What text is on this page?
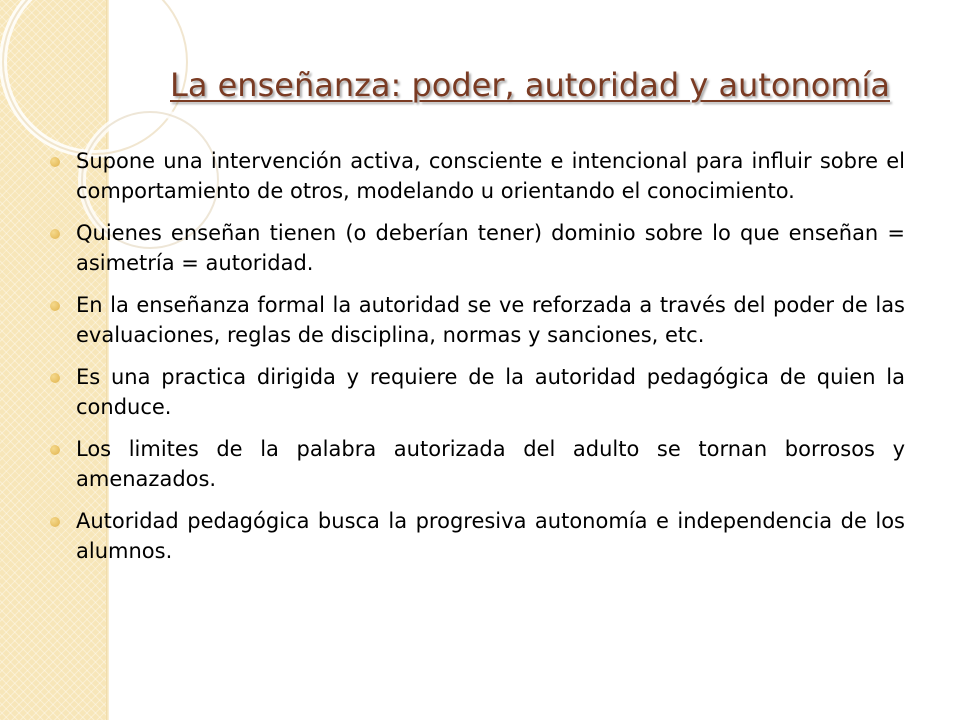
La enseñanza: poder, autoridad y autonomía
Supone una intervención activa, consciente e intencional para influir sobre el comportamiento de otros, modelando u orientando el conocimiento.
Quienes enseñan tienen (o deberían tener) dominio sobre lo que enseñan = asimetría = autoridad.
En la enseñanza formal la autoridad se ve reforzada a través del poder de las evaluaciones, reglas de disciplina, normas y sanciones, etc.
Es una practica dirigida y requiere de la autoridad pedagógica de quien la conduce.
Los limites de la palabra autorizada del adulto se tornan borrosos y amenazados.
Autoridad pedagógica busca la progresiva autonomía e independencia de los alumnos.
